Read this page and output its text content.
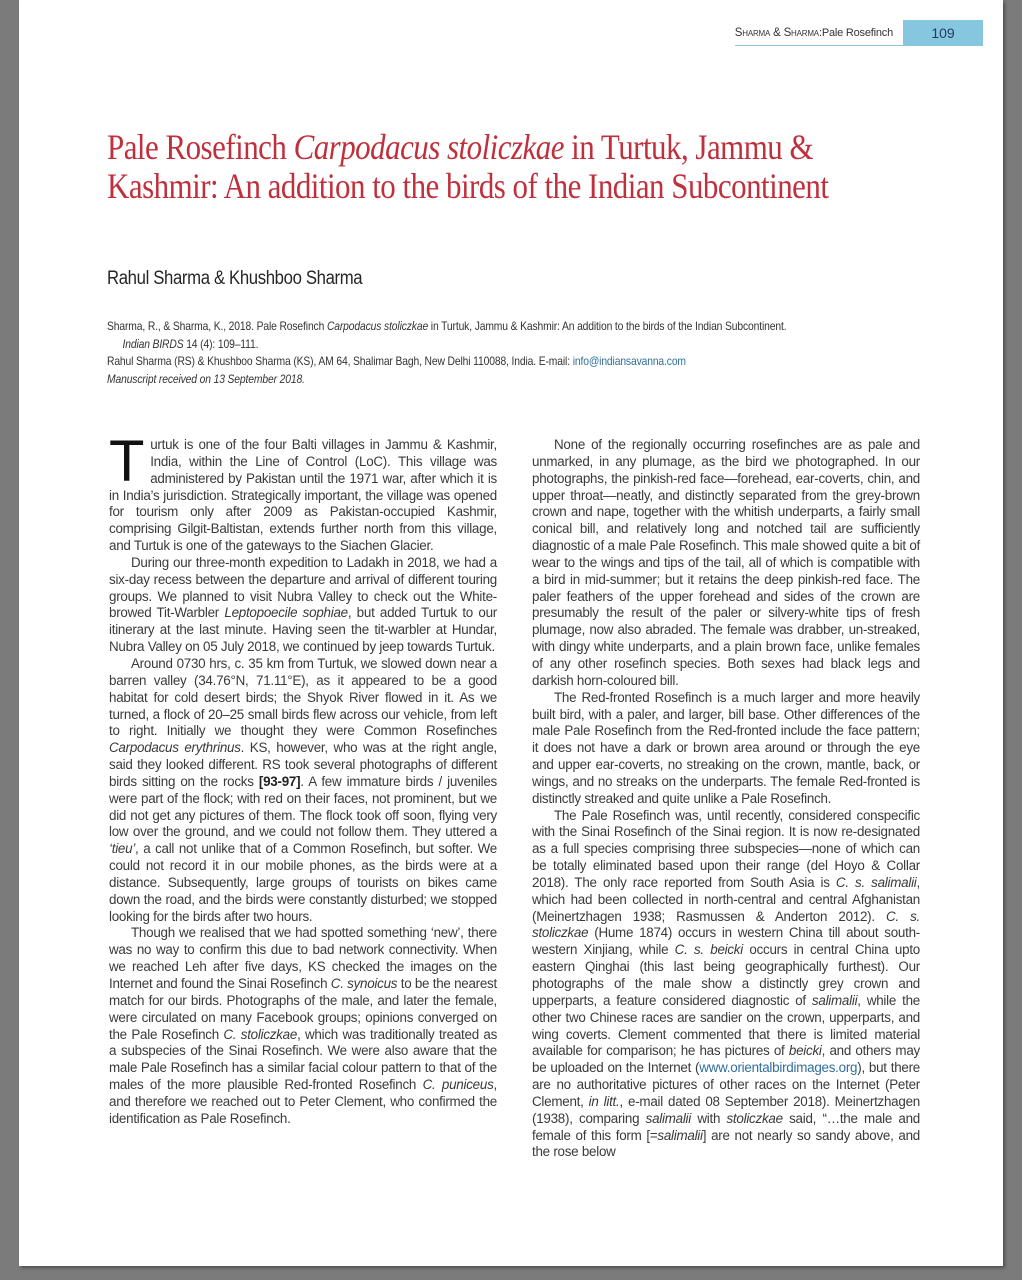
Sharma & Sharma : Pale Rosefinch	109
Pale Rosefinch Carpodacus stoliczkae in Turtuk, Jammu & Kashmir: An addition to the birds of the Indian Subcontinent
Rahul Sharma & Khushboo Sharma
Sharma, R., & Sharma, K., 2018. Pale Rosefinch Carpodacus stoliczkae in Turtuk, Jammu & Kashmir: An addition to the birds of the Indian Subcontinent.
Indian BIRDS 14 (4): 109–111.
Rahul Sharma (RS) & Khushboo Sharma (KS), AM 64, Shalimar Bagh, New Delhi 110088, India. E-mail: info@indiansavanna.com
Manuscript received on 13 September 2018.

Turtuk is one of the four Balti villages in Jammu & Kashmir, India, within the Line of Control (LoC). This village was administered by Pakistan until the 1971 war, after which it is in India’s jurisdiction. Strategically important, the village was opened for tourism only after 2009 as Pakistan-occupied Kashmir, comprising Gilgit-Baltistan, extends further north from this village, and Turtuk is one of the gateways to the Siachen Glacier.

During our three-month expedition to Ladakh in 2018, we had a six-day recess between the departure and arrival of different touring groups. We planned to visit Nubra Valley to check out the White-browed Tit-Warbler Leptopoecile sophiae, but added Turtuk to our itinerary at the last minute. Having seen the tit-warbler at Hundar, Nubra Valley on 05 July 2018, we continued by jeep towards Turtuk.

Around 0730 hrs, c. 35 km from Turtuk, we slowed down near a barren valley (34.76°N, 71.11°E), as it appeared to be a good habitat for cold desert birds; the Shyok River flowed in it. As we turned, a flock of 20–25 small birds flew across our vehicle, from left to right. Initially we thought they were Common Rosefinches Carpodacus erythrinus. KS, however, who was at the right angle, said they looked different. RS took several photographs of different birds sitting on the rocks [93-97]. A few immature birds / juveniles were part of the flock; with red on their faces, not prominent, but we did not get any pictures of them. The flock took off soon, flying very low over the ground, and we could not follow them. They uttered a ‘tieu’, a call not unlike that of a Common Rosefinch, but softer. We could not record it in our mobile phones, as the birds were at a distance. Subsequently, large groups of tourists on bikes came down the road, and the birds were constantly disturbed; we stopped looking for the birds after two hours.

Though we realised that we had spotted something ‘new’, there was no way to confirm this due to bad network connectivity. When we reached Leh after five days, KS checked the images on the Internet and found the Sinai Rosefinch C. synoicus to be the nearest match for our birds. Photographs of the male, and later the female, were circulated on many Facebook groups; opinions converged on the Pale Rosefinch C. stoliczkae, which was traditionally treated as a subspecies of the Sinai Rosefinch. We were also aware that the male Pale Rosefinch has a similar facial colour pattern to that of the males of the more plausible Red-fronted Rosefinch C. puniceus, and therefore we reached out to Peter Clement, who confirmed the identification as Pale Rosefinch.

None of the regionally occurring rosefinches are as pale and unmarked, in any plumage, as the bird we photographed. In our photographs, the pinkish-red face—forehead, ear-coverts, chin, and upper throat—neatly, and distinctly separated from the grey-brown crown and nape, together with the whitish underparts, a fairly small conical bill, and relatively long and notched tail are sufficiently diagnostic of a male Pale Rosefinch. This male showed quite a bit of wear to the wings and tips of the tail, all of which is compatible with a bird in mid-summer; but it retains the deep pinkish-red face. The paler feathers of the upper forehead and sides of the crown are presumably the result of the paler or silvery-white tips of fresh plumage, now also abraded. The female was drabber, un-streaked, with dingy white underparts, and a plain brown face, unlike females of any other rosefinch species. Both sexes had black legs and darkish horn-coloured bill.

The Red-fronted Rosefinch is a much larger and more heavily built bird, with a paler, and larger, bill base. Other differences of the male Pale Rosefinch from the Red-fronted include the face pattern; it does not have a dark or brown area around or through the eye and upper ear-coverts, no streaking on the crown, mantle, back, or wings, and no streaks on the underparts. The female Red-fronted is distinctly streaked and quite unlike a Pale Rosefinch.

The Pale Rosefinch was, until recently, considered conspecific with the Sinai Rosefinch of the Sinai region. It is now re-designated as a full species comprising three subspecies—none of which can be totally eliminated based upon their range (del Hoyo & Collar 2018). The only race reported from South Asia is C. s. salimalii, which had been collected in north-central and central Afghanistan (Meinertzhagen 1938; Rasmussen & Anderton 2012). C. s. stoliczkae (Hume 1874) occurs in western China till about south-western Xinjiang, while C. s. beicki occurs in central China upto eastern Qinghai (this last being geographically furthest). Our photographs of the male show a distinctly grey crown and upperparts, a feature considered diagnostic of salimalii, while the other two Chinese races are sandier on the crown, upperparts, and wing coverts. Clement commented that there is limited material available for comparison; he has pictures of beicki, and others may be uploaded on the Internet (www.orientalbirdimages.org), but there are no authoritative pictures of other races on the Internet (Peter Clement, in litt., e-mail dated 08 September 2018). Meinertzhagen (1938), comparing salimalii with stoliczkae said, “…the male and female of this form [=salimalii] are not nearly so sandy above, and the rose below
